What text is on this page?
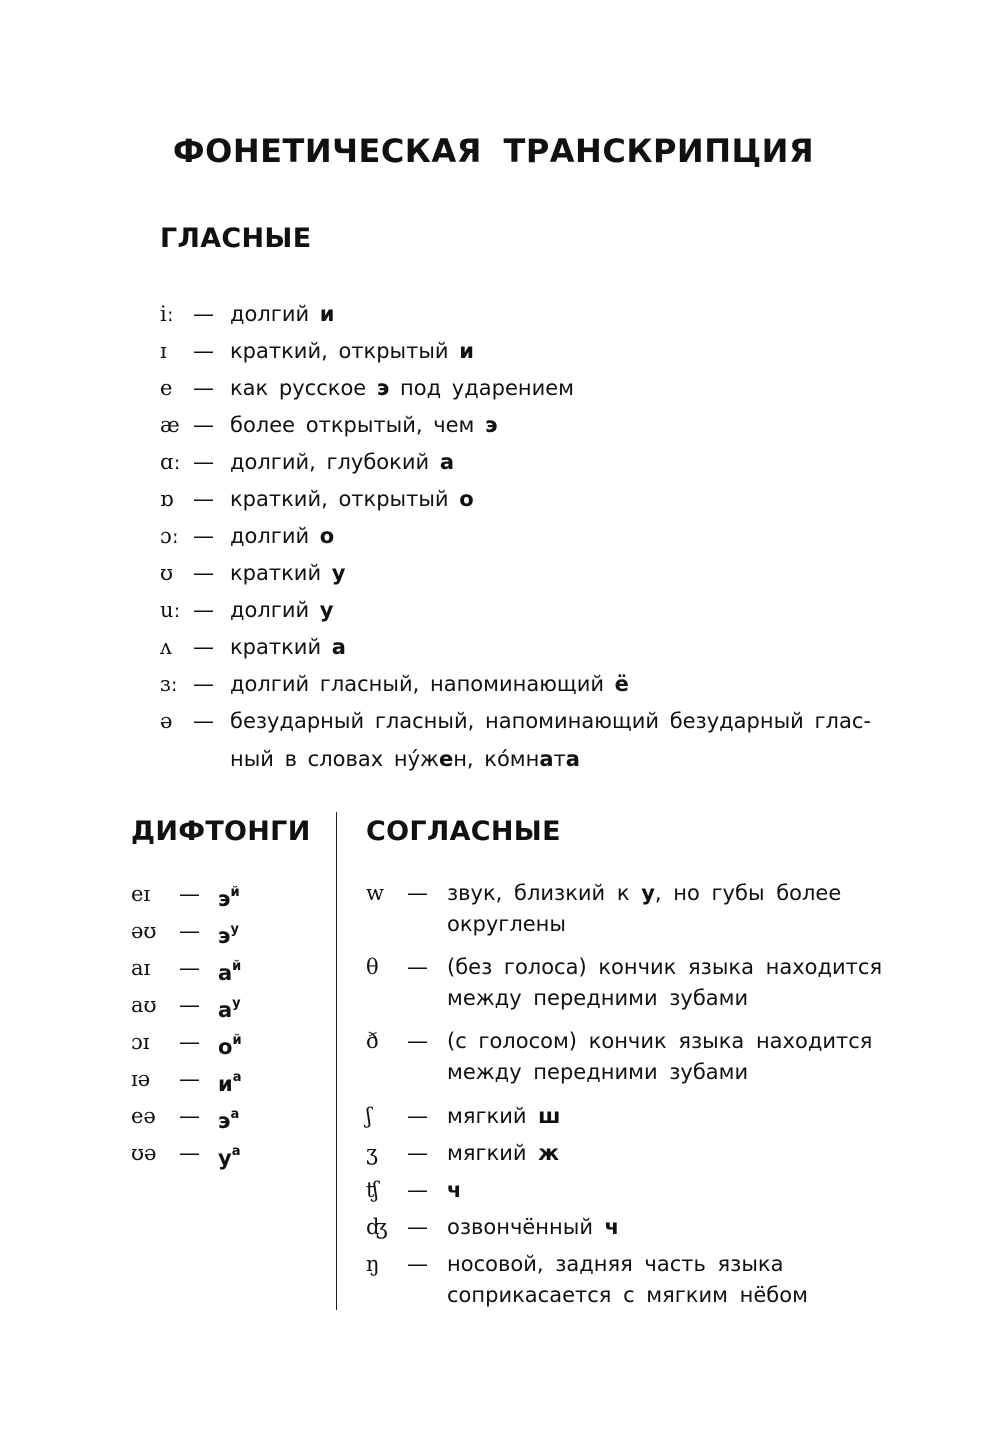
ФОНЕТИЧЕСКАЯ ТРАНСКРИПЦИЯ
ГЛАСНЫЕ
iː — долгий и
ɪ — краткий, открытый и
e — как русское э под ударением
æ — более открытый, чем э
ɑː — долгий, глубокий а
ɒ — краткий, открытый о
ɔː — долгий о
ʊ — краткий у
uː — долгий у
ʌ — краткий а
ɜː — долгий гласный, напоминающий ё
ə — безударный гласный, напоминающий безударный глас-
ный в словах ну́жен, ко́мната
ДИФТОНГИ
eɪ — $э^й$
əʊ — $э^у$
aɪ — $а^й$
aʊ — $а^у$
ɔɪ — $о^й$
ɪə — $и^а$
eə — $э^а$
ʊə — $у^а$
СОГЛАСНЫЕ
w — звук, близкий к у, но губы более округлены
θ — (без голоса) кончик языка находится между передними зубами
ð — (с голосом) кончик языка находится между передними зубами
ʃ — мягкий ш
ʒ — мягкий ж
ʧ — ч
ʤ — озвончённый ч
ŋ — носовой, задняя часть языка соприкасается с мягким нёбом
